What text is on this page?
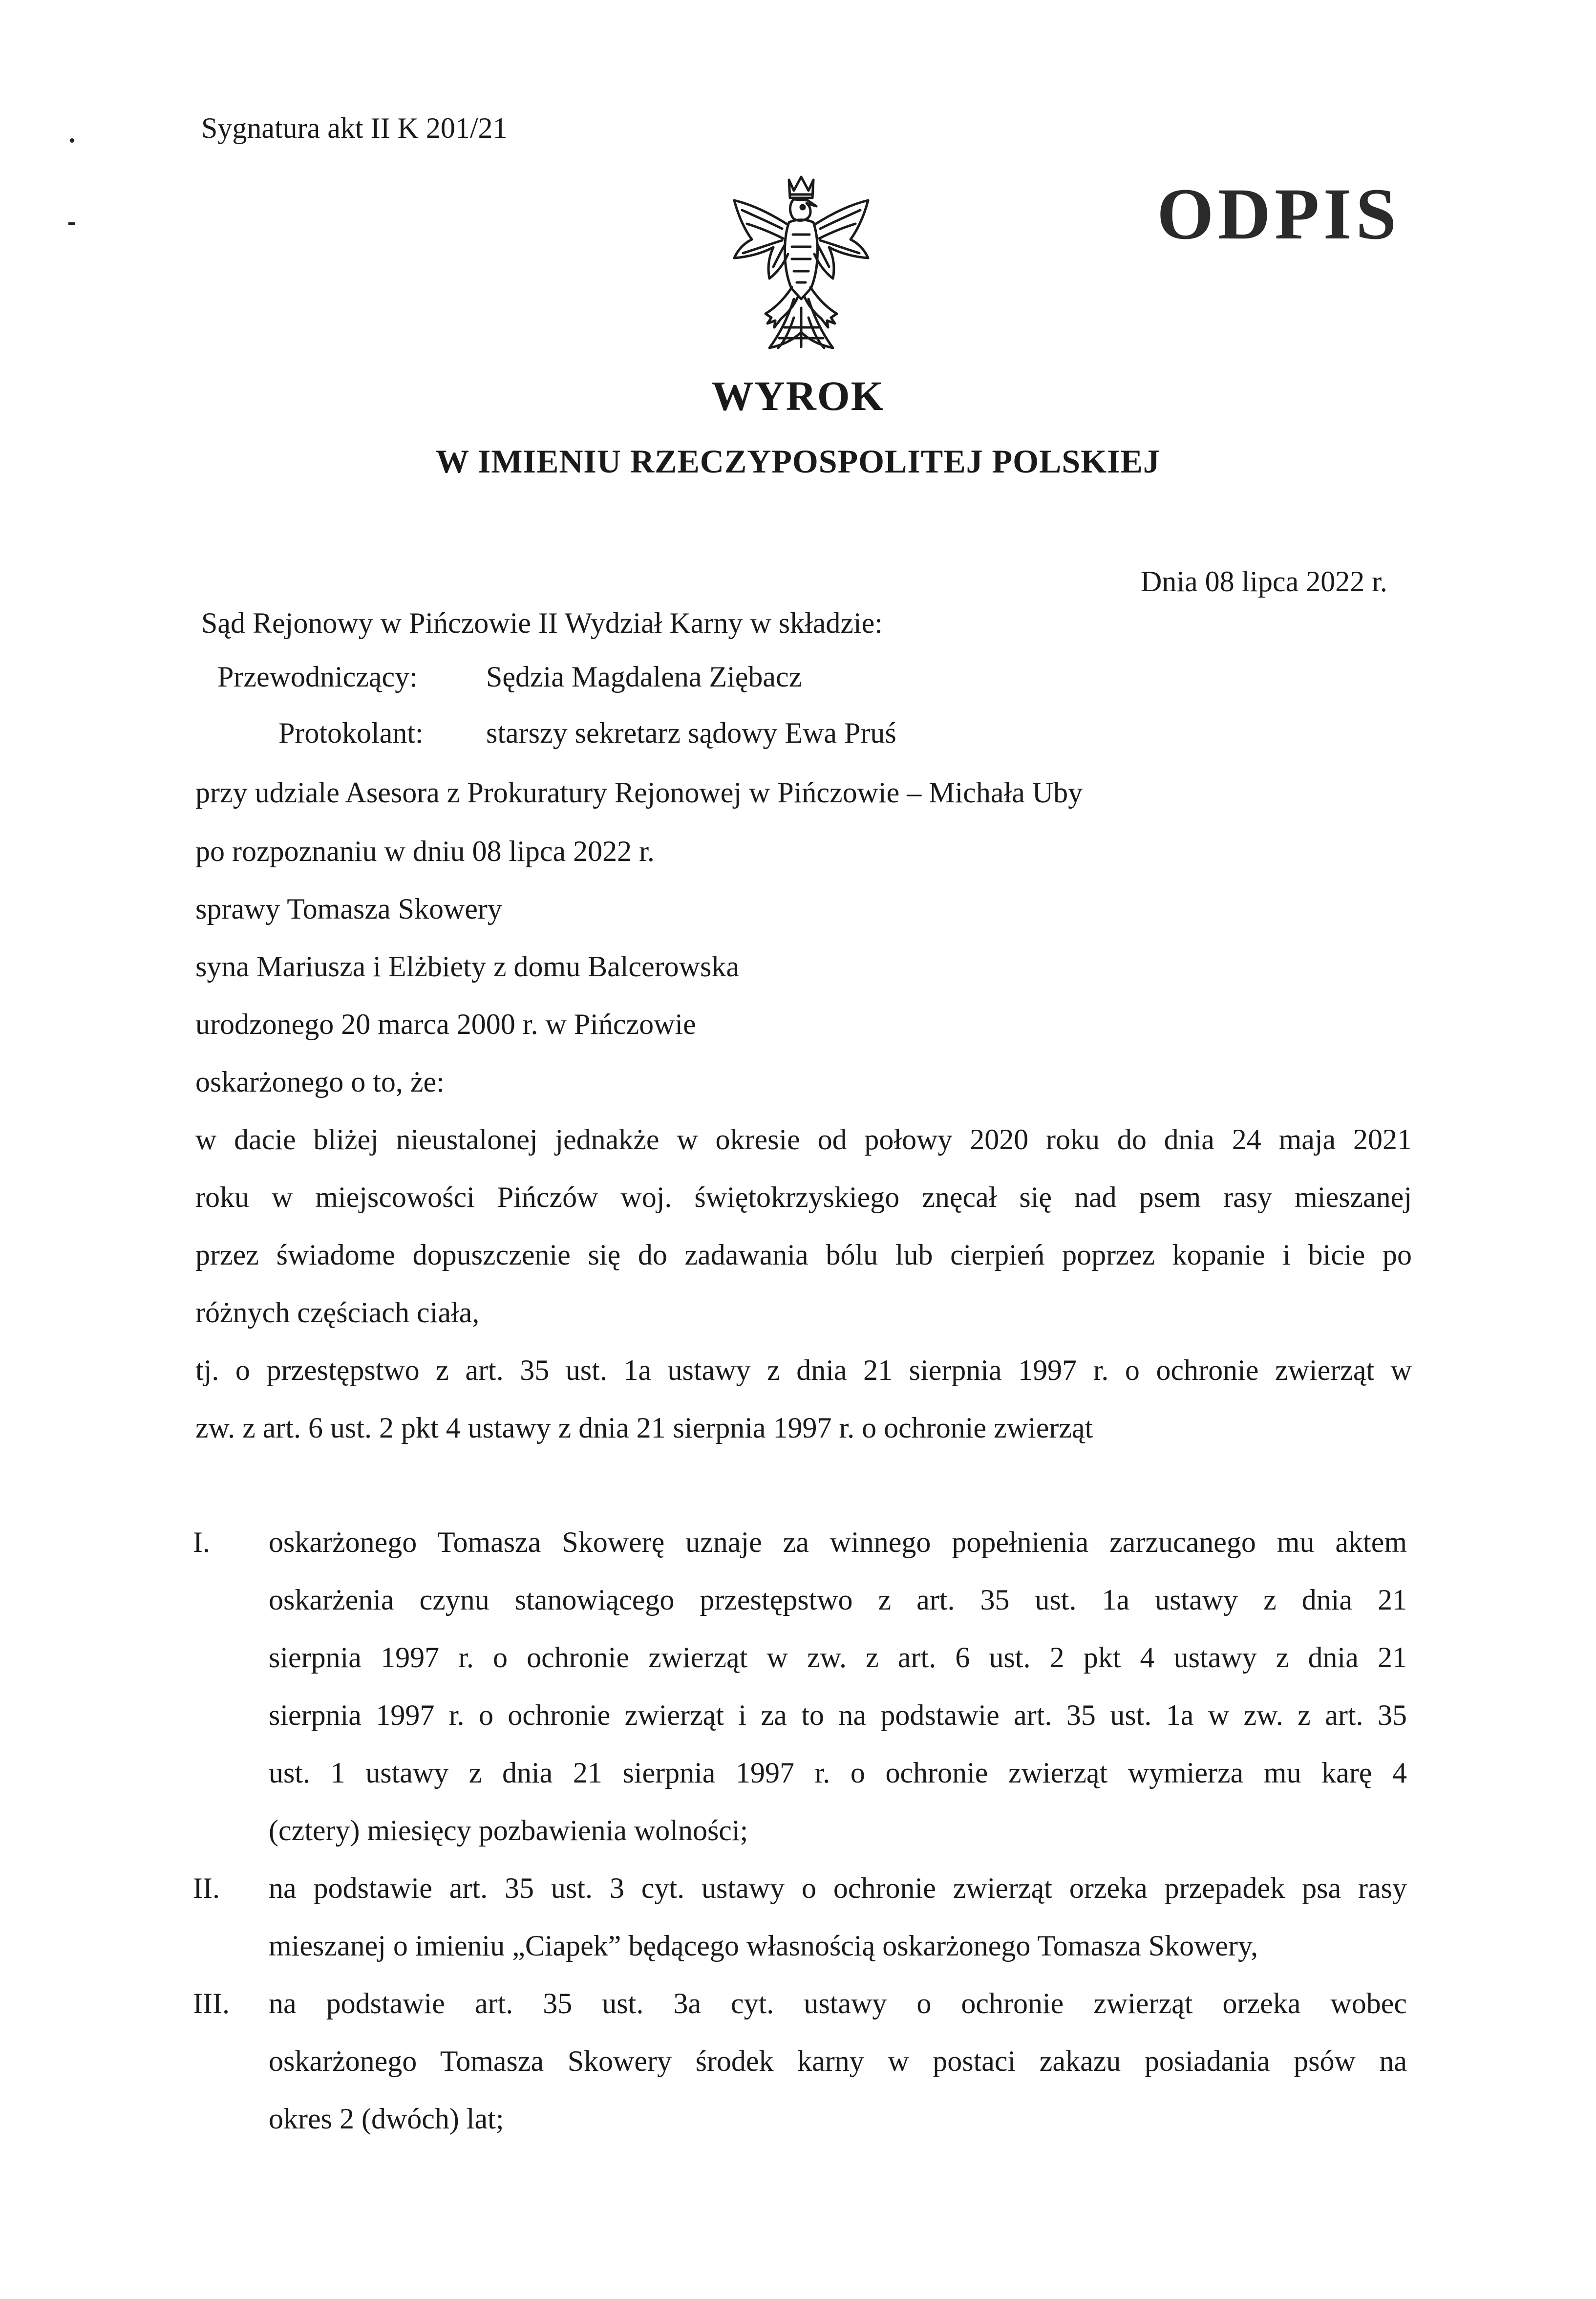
Sygnatura akt II K 201/21
ODPIS
WYROK
W IMIENIU RZECZYPOSPOLITEJ POLSKIEJ
Dnia 08 lipca 2022 r.
Sąd Rejonowy w Pińczowie II Wydział Karny w składzie:
Przewodniczący: Sędzia Magdalena Ziębacz
Protokolant: starszy sekretarz sądowy Ewa Pruś
przy udziale Asesora z Prokuratury Rejonowej w Pińczowie – Michała Uby
po rozpoznaniu w dniu 08 lipca 2022 r.
sprawy Tomasza Skowery
syna Mariusza i Elżbiety z domu Balcerowska
urodzonego 20 marca 2000 r. w Pińczowie
oskarżonego o to, że:
w dacie bliżej nieustalonej jednakże w okresie od połowy 2020 roku do dnia 24 maja 2021
roku w miejscowości Pińczów woj. świętokrzyskiego znęcał się nad psem rasy mieszanej
przez świadome dopuszczenie się do zadawania bólu lub cierpień poprzez kopanie i bicie po
różnych częściach ciała,
tj. o przestępstwo z art. 35 ust. 1a ustawy z dnia 21 sierpnia 1997 r. o ochronie zwierząt w
zw. z art. 6 ust. 2 pkt 4 ustawy z dnia 21 sierpnia 1997 r. o ochronie zwierząt
I. oskarżonego Tomasza Skowerę uznaje za winnego popełnienia zarzucanego mu aktem
oskarżenia czynu stanowiącego przestępstwo z art. 35 ust. 1a ustawy z dnia 21
sierpnia 1997 r. o ochronie zwierząt w zw. z art. 6 ust. 2 pkt 4 ustawy z dnia 21
sierpnia 1997 r. o ochronie zwierząt i za to na podstawie art. 35 ust. 1a w zw. z art. 35
ust. 1 ustawy z dnia 21 sierpnia 1997 r. o ochronie zwierząt wymierza mu karę 4
(cztery) miesięcy pozbawienia wolności;
II. na podstawie art. 35 ust. 3 cyt. ustawy o ochronie zwierząt orzeka przepadek psa rasy
mieszanej o imieniu „Ciapek” będącego własnością oskarżonego Tomasza Skowery,
III. na podstawie art. 35 ust. 3a cyt. ustawy o ochronie zwierząt orzeka wobec
oskarżonego Tomasza Skowery środek karny w postaci zakazu posiadania psów na
okres 2 (dwóch) lat;
